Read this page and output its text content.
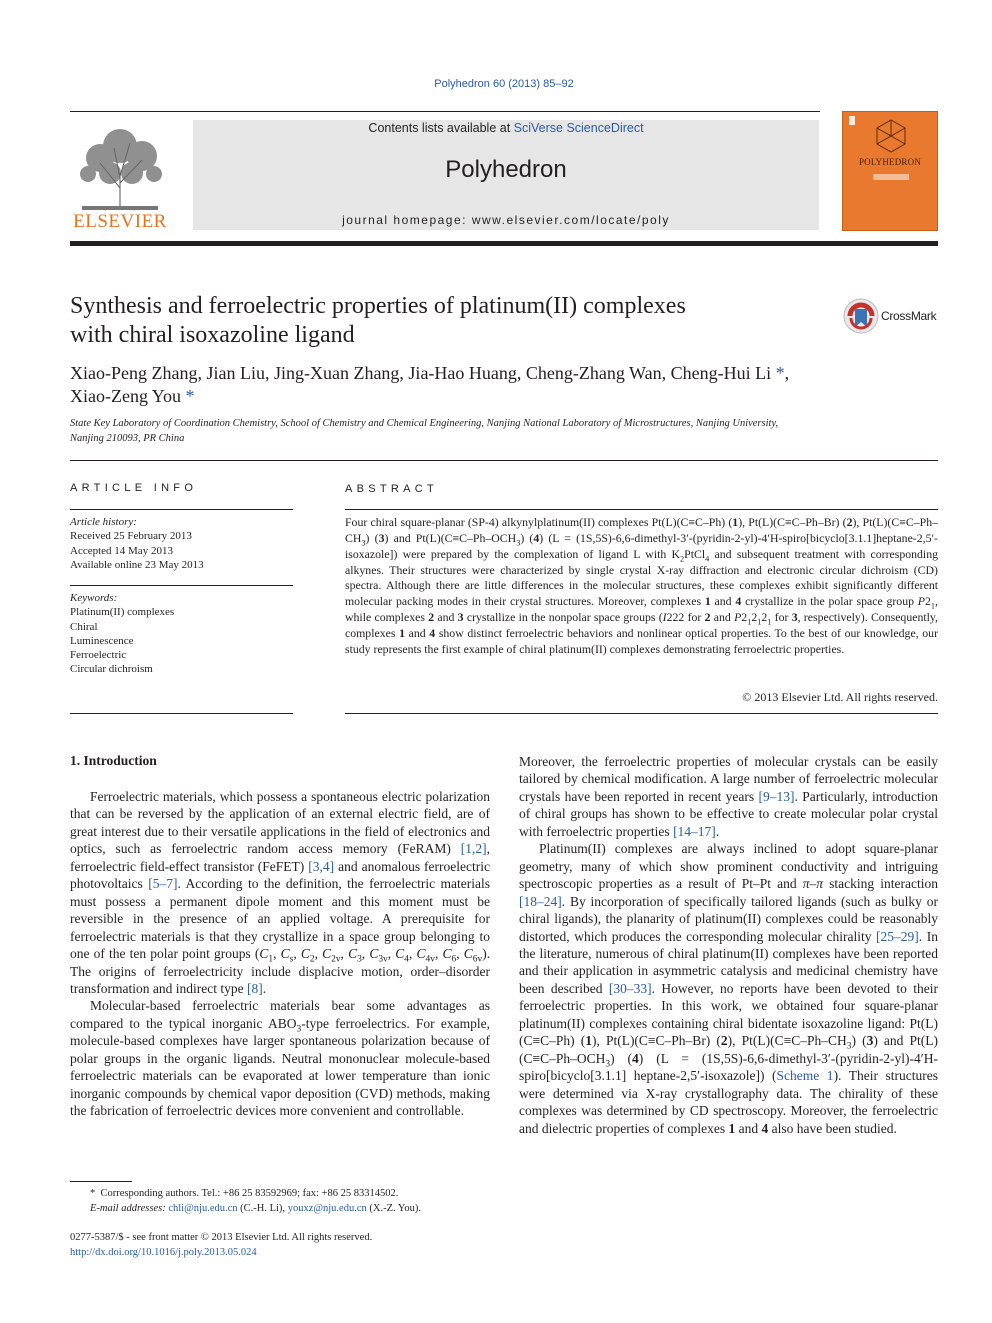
Polyhedron 60 (2013) 85–92
ELSEVIER
Contents lists available at SciVerse ScienceDirect
Polyhedron
journal homepage: www.elsevier.com/locate/poly
POLYHEDRON
Synthesis and ferroelectric properties of platinum(II) complexes
with chiral isoxazoline ligand
CrossMark
Xiao-Peng Zhang, Jian Liu, Jing-Xuan Zhang, Jia-Hao Huang, Cheng-Zhang Wan, Cheng-Hui Li *,
Xiao-Zeng You *
State Key Laboratory of Coordination Chemistry, School of Chemistry and Chemical Engineering, Nanjing National Laboratory of Microstructures, Nanjing University,
Nanjing 210093, PR China
ARTICLE INFO
Article history:
Received 25 February 2013
Accepted 14 May 2013
Available online 23 May 2013
Keywords:
Platinum(II) complexes
Chiral
Luminescence
Ferroelectric
Circular dichroism
ABSTRACT
Four chiral square-planar (SP-4) alkynylplatinum(II) complexes Pt(L)(C≡C–Ph) (1), Pt(L)(C≡C–Ph–Br) (2), $Pt(L)(C\equiv C-Ph-CH_3)$ (3) and $Pt(L)(C\equiv C-Ph-OCH_3)$ (4) (L = (1S,5S)-6,6-dimethyl-3′-(pyridin-2-yl)-4′H-spiro[bicyclo[3.1.1]heptane-2,5′-isoxazole]) were prepared by the complexation of ligand L with $K_2PtCl_4$ and subsequent treatment with corresponding alkynes. Their structures were characterized by single crystal X-ray diffraction and electronic circular dichroism (CD) spectra. Although there are little differences in the molecular structures, these complexes exhibit significantly different molecular packing modes in their crystal structures. Moreover, complexes 1 and 4 crystallize in the polar space group $P2_1$, while complexes 2 and 3 crystallize in the nonpolar space groups (I222 for 2 and $P2_12_12_1$ for 3, respectively). Consequently, complexes 1 and 4 show distinct ferroelectric behaviors and nonlinear optical properties. To the best of our knowledge, our study represents the first example of chiral platinum(II) complexes demonstrating ferroelectric properties.
© 2013 Elsevier Ltd. All rights reserved.
1. Introduction

Ferroelectric materials, which possess a spontaneous electric polarization that can be reversed by the application of an external electric field, are of great interest due to their versatile applications in the field of electronics and optics, such as ferroelectric random access memory (FeRAM) [1,2], ferroelectric field-effect transistor (FeFET) [3,4] and anomalous ferroelectric photovoltaics [5–7]. According to the definition, the ferroelectric materials must possess a permanent dipole moment and this moment must be reversible in the presence of an applied voltage. A prerequisite for ferroelectric materials is that they crystallize in a space group belonging to one of the ten polar point groups ($C_1$, $C_s$, $C_2$, $C_{2v}$, $C_3$, $C_{3v}$, $C_4$, $C_{4v}$, $C_6$, $C_{6v}$). The origins of ferroelectricity include displacive motion, order–disorder transformation and indirect type [8].

Molecular-based ferroelectric materials bear some advantages as compared to the typical inorganic $ABO_3$-type ferroelectrics. For example, molecule-based complexes have larger spontaneous polarization because of polar groups in the organic ligands. Neutral mononuclear molecule-based ferroelectric materials can be evaporated at lower temperature than ionic inorganic compounds by chemical vapor deposition (CVD) methods, making the fabrication of ferroelectric devices more convenient and controllable.

Moreover, the ferroelectric properties of molecular crystals can be easily tailored by chemical modification. A large number of ferroelectric molecular crystals have been reported in recent years [9–13]. Particularly, introduction of chiral groups has shown to be effective to create molecular polar crystal with ferroelectric properties [14–17].

Platinum(II) complexes are always inclined to adopt square-planar geometry, many of which show prominent conductivity and intriguing spectroscopic properties as a result of Pt–Pt and π–π stacking interaction [18–24]. By incorporation of specifically tailored ligands (such as bulky or chiral ligands), the planarity of platinum(II) complexes could be reasonably distorted, which produces the corresponding molecular chirality [25–29]. In the literature, numerous of chiral platinum(II) complexes have been reported and their application in asymmetric catalysis and medicinal chemistry have been described [30–33]. However, no reports have been devoted to their ferroelectric properties. In this work, we obtained four square-planar platinum(II) complexes containing chiral bidentate isoxazoline ligand: Pt(L)(C≡C–Ph) (1), Pt(L)(C≡C–Ph–Br) (2), $Pt(L)(C\equiv C-Ph-CH_3)$ (3) and $Pt(L)(C\equiv C-Ph-OCH_3)$ (4) (L = (1S,5S)-6,6-dimethyl-3′-(pyridin-2-yl)-4′H-spiro[bicyclo[3.1.1] heptane-2,5′-isoxazole]) (Scheme 1). Their structures were determined via X-ray crystallography data. The chirality of these complexes was determined by CD spectroscopy. Moreover, the ferroelectric and dielectric properties of complexes 1 and 4 also have been studied.

* Corresponding authors. Tel.: +86 25 83592969; fax: +86 25 83314502.
E-mail addresses: chli@nju.edu.cn (C.-H. Li), youxz@nju.edu.cn (X.-Z. You).
0277-5387/$ - see front matter © 2013 Elsevier Ltd. All rights reserved.
http://dx.doi.org/10.1016/j.poly.2013.05.024
